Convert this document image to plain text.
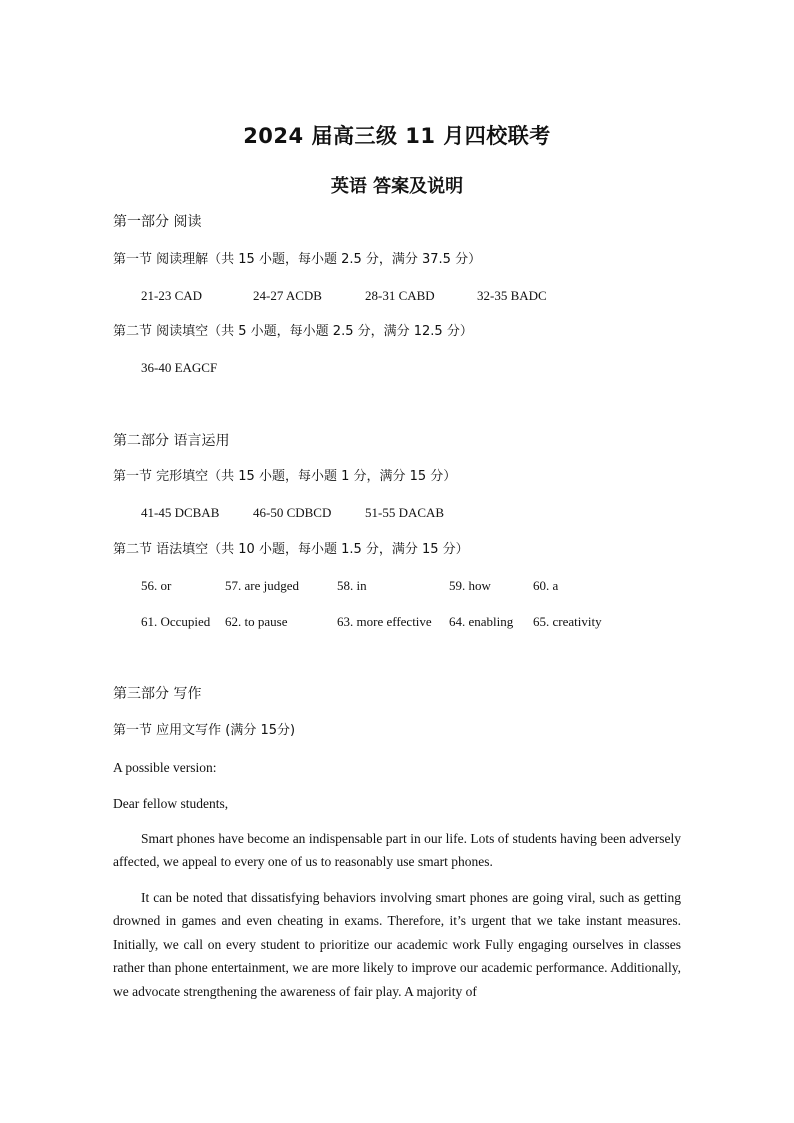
2024 届高三级 11 月四校联考
英语 答案及说明
第一部分 阅读
第一节 阅读理解（共 15 小题，每小题 2.5 分，满分 37.5 分）
21-23 CAD	24-27 ACDB	28-31 CABD	32-35 BADC
第二节 阅读填空（共 5 小题，每小题 2.5 分，满分 12.5 分）
36-40 EAGCF
第二部分 语言运用
第一节 完形填空（共 15 小题，每小题 1 分，满分 15 分）
41-45 DCBAB	46-50 CDBCD	51-55 DACAB
第二节 语法填空（共 10 小题，每小题 1.5 分，满分 15 分）
56. or	57. are judged	58. in	59. how	60. a
61. Occupied 62. to pause	63. more effective 64. enabling 65. creativity
第三部分 写作
第一节 应用文写作 (满分 15分)
A possible version:
Dear fellow students,
Smart phones have become an indispensable part in our life. Lots of students having been adversely affected, we appeal to every one of us to reasonably use smart phones.
It can be noted that dissatisfying behaviors involving smart phones are going viral, such as getting drowned in games and even cheating in exams. Therefore, it’s urgent that we take instant measures. Initially, we call on every student to prioritize our academic work Fully engaging ourselves in classes rather than phone entertainment, we are more likely to improve our academic performance. Additionally, we advocate strengthening the awareness of fair play. A majority of
